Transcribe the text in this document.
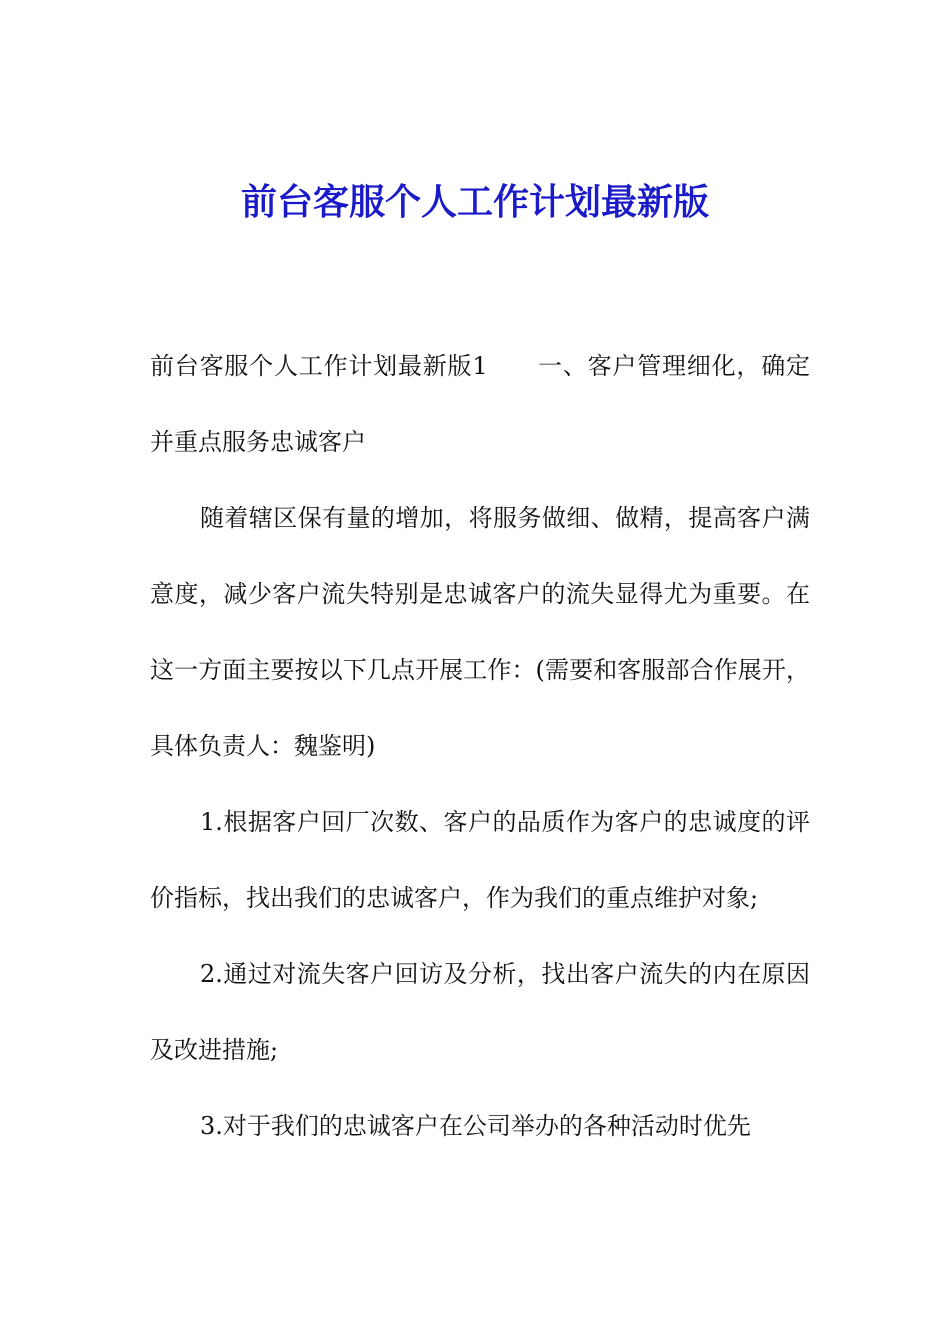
前台客服个人工作计划最新版

前台客服个人工作计划最新版1　　一、客户管理细化，确定并重点服务忠诚客户

随着辖区保有量的增加，将服务做细、做精，提高客户满意度，减少客户流失特别是忠诚客户的流失显得尤为重要。在这一方面主要按以下几点开展工作：(需要和客服部合作展开，具体负责人：魏鉴明)

1.根据客户回厂次数、客户的品质作为客户的忠诚度的评价指标，找出我们的忠诚客户，作为我们的重点维护对象;

2.通过对流失客户回访及分析，找出客户流失的内在原因及改进措施;

3.对于我们的忠诚客户在公司举办的各种活动时优先
